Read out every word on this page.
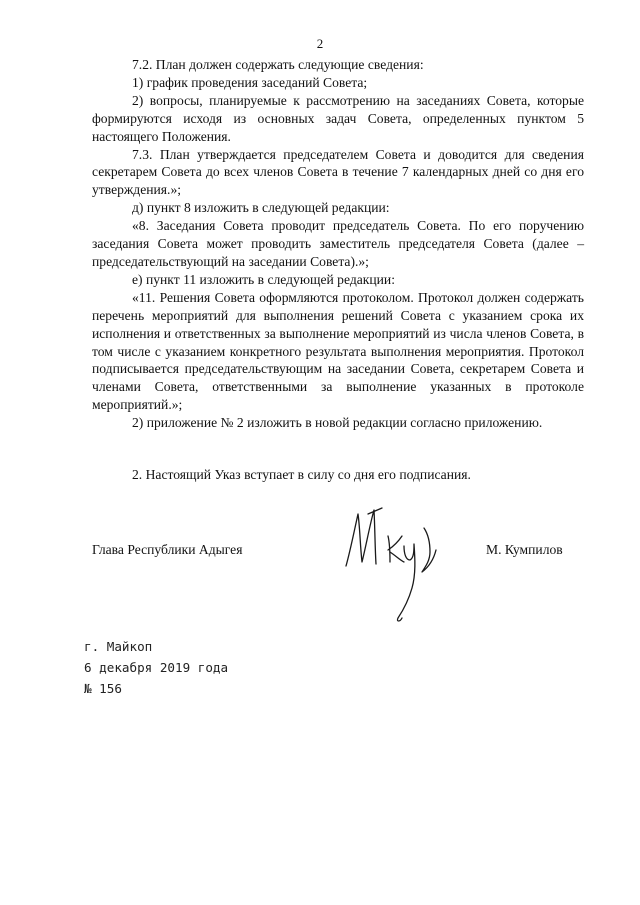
2

7.2. План должен содержать следующие сведения:

1) график проведения заседаний Совета;

2) вопросы, планируемые к рассмотрению на заседаниях Совета, которые формируются исходя из основных задач Совета, определенных пунктом 5 настоящего Положения.

7.3. План утверждается председателем Совета и доводится для сведения секретарем Совета до всех членов Совета в течение 7 календарных дней со дня его утверждения.»;

д) пункт 8 изложить в следующей редакции:

«8. Заседания Совета проводит председатель Совета. По его поручению заседания Совета может проводить заместитель председателя Совета (далее – председательствующий на заседании Совета).»;

е) пункт 11 изложить в следующей редакции:

«11. Решения Совета оформляются протоколом. Протокол должен содержать перечень мероприятий для выполнения решений Совета с указанием срока их исполнения и ответственных за выполнение мероприятий из числа членов Совета, в том числе с указанием конкретного результата выполнения мероприятия. Протокол подписывается председательствующим на заседании Совета, секретарем Совета и членами Совета, ответственными за выполнение указанных в протоколе мероприятий.»;

2) приложение № 2 изложить в новой редакции согласно приложению.

2. Настоящий Указ вступает в силу со дня его подписания.

Глава Республики Адыгея	М. Кумпилов
г. Майкоп
6 декабря 2019 года
№ 156
